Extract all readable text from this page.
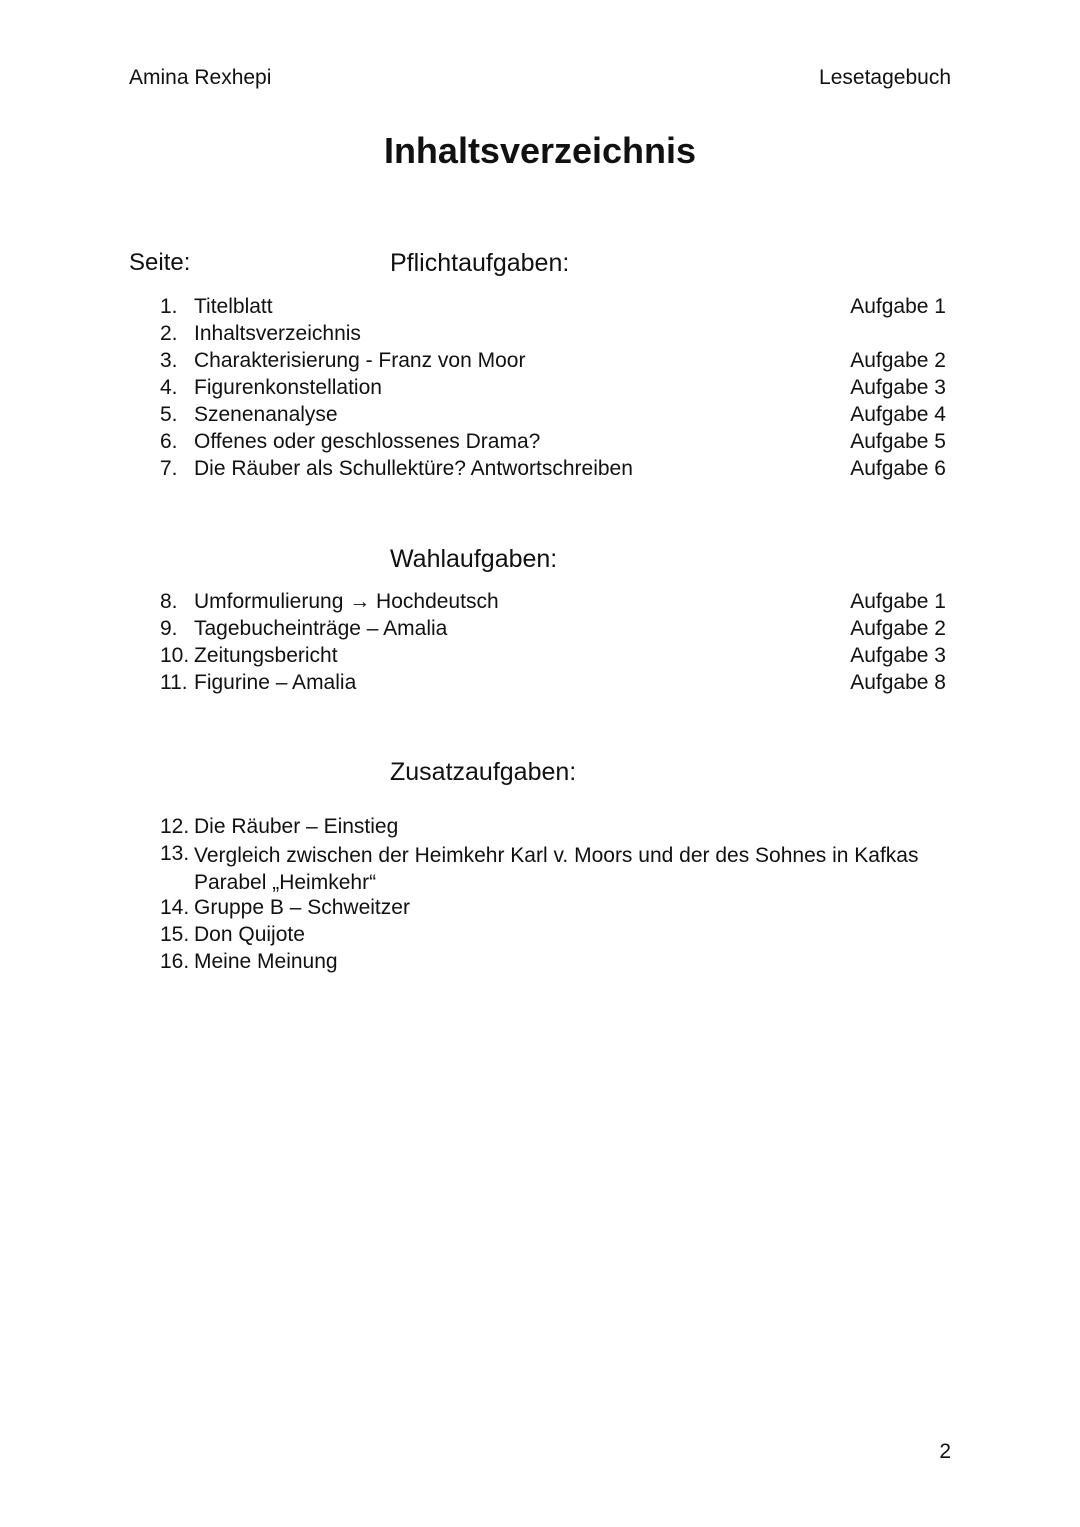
Amina Rexhepi	Lesetagebuch
Inhaltsverzeichnis
Seite:	Pflichtaufgaben:
1. Titelblatt	Aufgabe 1
2. Inhaltsverzeichnis
3. Charakterisierung - Franz von Moor	Aufgabe 2
4. Figurenkonstellation	Aufgabe 3
5. Szenenanalyse	Aufgabe 4
6. Offenes oder geschlossenes Drama?	Aufgabe 5
7. Die Räuber als Schullektüre? Antwortschreiben	Aufgabe 6
Wahlaufgaben:
8. Umformulierung → Hochdeutsch	Aufgabe 1
9. Tagebucheinträge – Amalia	Aufgabe 2
10. Zeitungsbericht	Aufgabe 3
11. Figurine – Amalia	Aufgabe 8
Zusatzaufgaben:
12. Die Räuber – Einstieg
13. Vergleich zwischen der Heimkehr Karl v. Moors und der des Sohnes in Kafkas Parabel „Heimkehr“
14. Gruppe B – Schweitzer
15. Don Quijote
16. Meine Meinung
2
